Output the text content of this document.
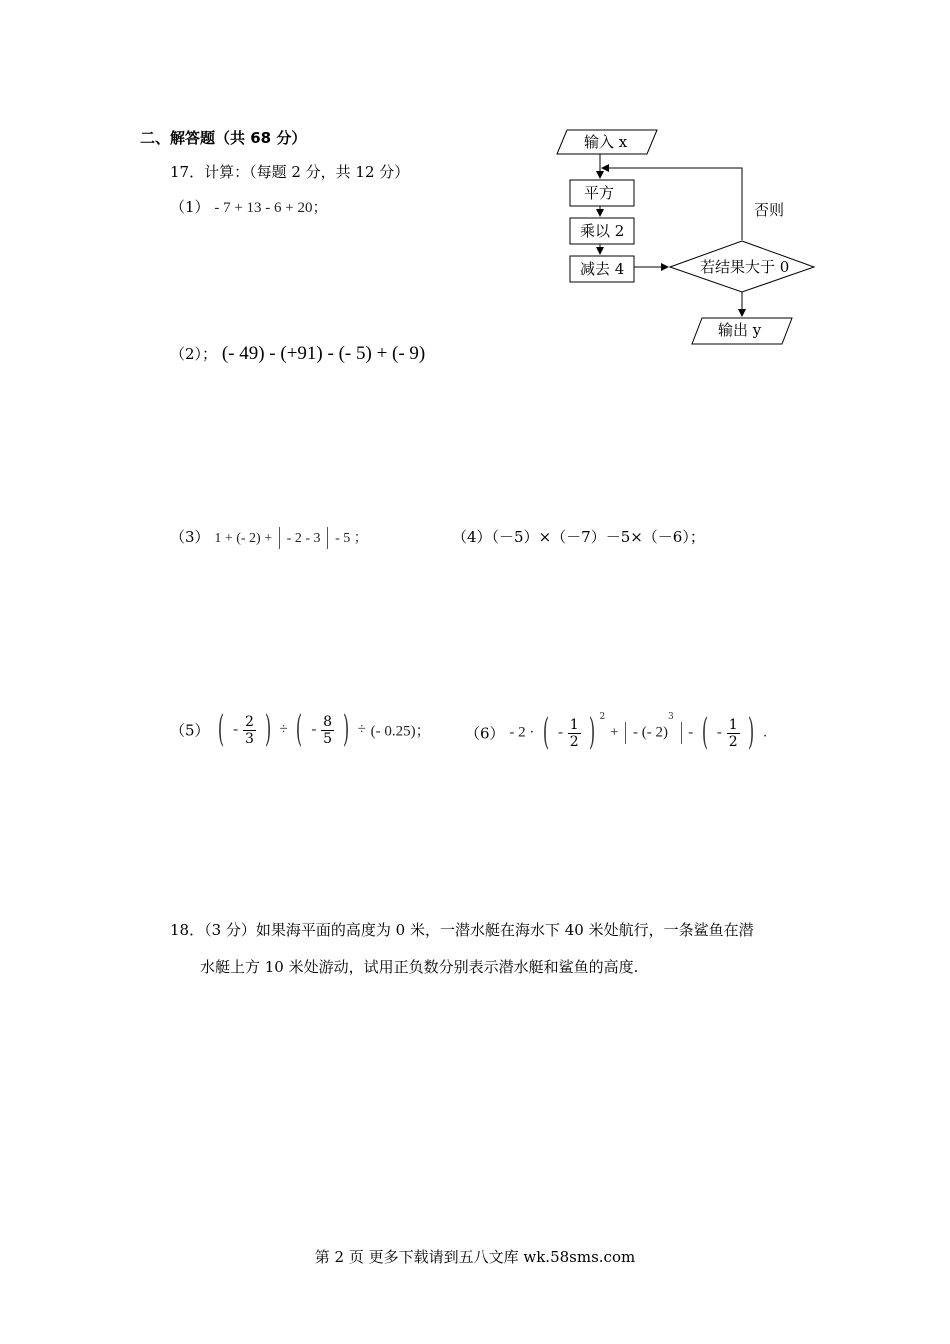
二、解答题（共 68 分）
17．计算：（每题 2 分，共 12 分）
（1） - 7 + 13 - 6 + 20；
（2）； (- 49) - (+91) - (- 5) + (- 9)
（3） 1 + (- 2) + - 2 - 3 - 5 ；	（4）（－5）×（－7）－5×（－6）；
（5） ( - $\frac{2}{3}$ ) ÷ ( - $\frac{8}{5}$ ) ÷ (- 0.25)； （6） - 2 · ( - $\frac{1}{2}$ ) $^2$ + - (- 2)$^3$  - ( - $\frac{1}{2}$ ) .
18．（3 分）如果海平面的高度为 0 米，一潜水艇在海水下 40 米处航行，一条鲨鱼在潜
水艇上方 10 米处游动，试用正负数分别表示潜水艇和鲨鱼的高度.
输入 x
否则
平方
乘以 2
减去 4	若结果大于 0
输出 y
第 2 页 更多下载请到五八文库 wk.58sms.com
